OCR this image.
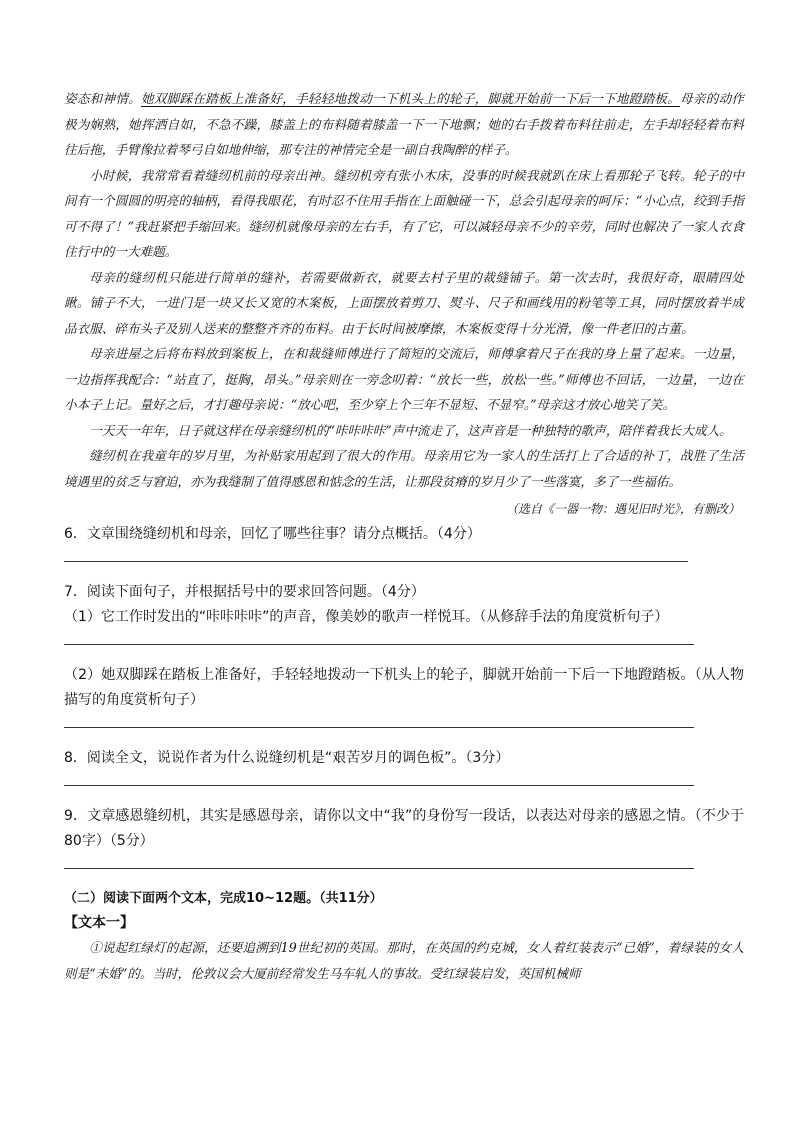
姿态和神情。她双脚踩在踏板上准备好，手轻轻地拨动一下机头上的轮子，脚就开始前一下后一下地蹬踏板。母亲的动作极为娴熟，她挥洒自如，不急不躁，膝盖上的布料随着膝盖一下一下地飘；她的右手拨着布料往前走，左手却轻轻着布料往后拖，手臂像拉着琴弓自如地伸缩，那专注的神情完全是一副自我陶醉的样子。

小时候，我常常看着缝纫机前的母亲出神。缝纫机旁有张小木床，没事的时候我就趴在床上看那轮子飞转。轮子的中间有一个圆圆的明亮的轴柄，看得我眼花，有时忍不住用手指在上面触碰一下，总会引起母亲的呵斥：“小心点，绞到手指可不得了！”我赶紧把手缩回来。缝纫机就像母亲的左右手，有了它，可以减轻母亲不少的辛劳，同时也解决了一家人衣食住行中的一大难题。

母亲的缝纫机只能进行简单的缝补，若需要做新衣，就要去村子里的裁缝铺子。第一次去时，我很好奇，眼睛四处瞅。铺子不大，一进门是一块又长又宽的木案板，上面摆放着剪刀、熨斗、尺子和画线用的粉笔等工具，同时摆放着半成品衣服、碎布头子及别人送来的整整齐齐的布料。由于长时间被摩擦，木案板变得十分光滑，像一件老旧的古董。

母亲进屋之后将布料放到案板上，在和裁缝师傅进行了简短的交流后，师傅拿着尺子在我的身上量了起来。一边量，一边指挥我配合：“站直了，挺胸，昂头。”母亲则在一旁念叨着：“放长一些，放松一些。”师傅也不回话，一边量，一边在小本子上记。量好之后，才打趣母亲说：“放心吧，至少穿上个三年不显短、不显窄。”母亲这才放心地笑了笑。

一天天一年年，日子就这样在母亲缝纫机的“咔咔咔咔”声中流走了，这声音是一种独特的歌声，陪伴着我长大成人。

缝纫机在我童年的岁月里，为补贴家用起到了很大的作用。母亲用它为一家人的生活打上了合适的补丁，战胜了生活境遇里的贫乏与窘迫，亦为我缝制了值得感恩和惦念的生活，让那段贫瘠的岁月少了一些落寞，多了一些福佑。

（选自《一器一物：遇见旧时光》，有删改）

6．文章围绕缝纫机和母亲，回忆了哪些往事？请分点概括。（4分）

7．阅读下面句子，并根据括号中的要求回答问题。（4分）

（1）它工作时发出的“咔咔咔咔”的声音，像美妙的歌声一样悦耳。（从修辞手法的角度赏析句子）

（2）她双脚踩在踏板上准备好，手轻轻地拨动一下机头上的轮子，脚就开始前一下后一下地蹬踏板。（从人物描写的角度赏析句子）

8．阅读全文，说说作者为什么说缝纫机是“艰苦岁月的调色板”。（3分）

9．文章感恩缝纫机，其实是感恩母亲，请你以文中“我”的身份写一段话，以表达对母亲的感恩之情。（不少于80字）（5分）

（二）阅读下面两个文本，完成10~12题。（共11分）

【文本一】

①说起红绿灯的起源，还要追溯到19世纪初的英国。那时，在英国的约克城，女人着红装表示“已婚”，着绿装的女人则是“未婚”的。当时，伦敦议会大厦前经常发生马车轧人的事故。受红绿装启发，英国机械师
